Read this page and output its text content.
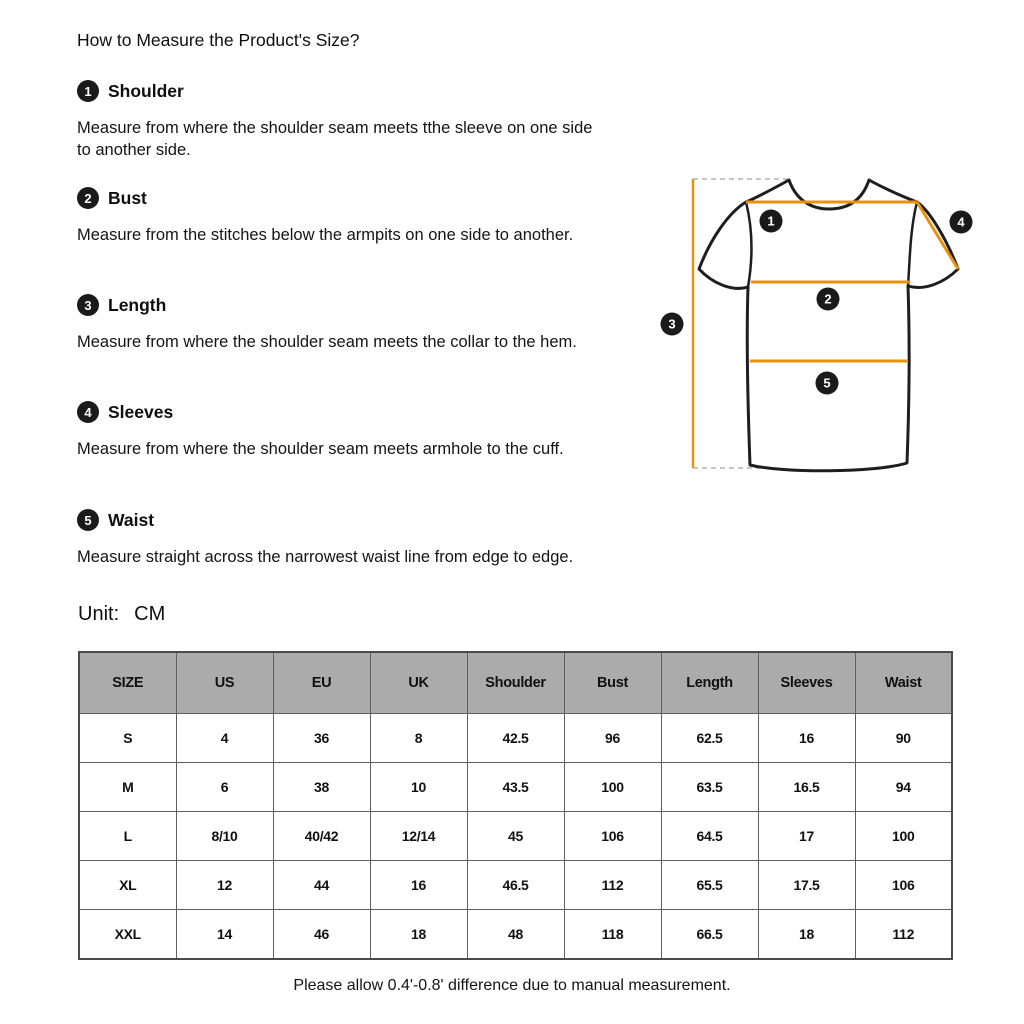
How to Measure the Product's Size?
1 Shoulder
Measure from where the shoulder seam meets tthe sleeve on one side to another side.
2 Bust
Measure from the stitches below the armpits on one side to another.
3 Length
Measure from where the shoulder seam meets the collar to the hem.
4 Sleeves
Measure from where the shoulder seam meets armhole to the cuff.
5 Waist
Measure straight across the narrowest waist line from edge to edge.
Unit: CM
1
2
3
4
5
SIZE	US	EU	UK	Shoulder	Bust	Length	Sleeves	Waist
S	4	36	8	42.5	96	62.5	16	90
M	6	38	10	43.5	100	63.5	16.5	94
L	8/10	40/42	12/14	45	106	64.5	17	100
XL	12	44	16	46.5	112	65.5	17.5	106
XXL	14	46	18	48	118	66.5	18	112
Please allow 0.4'-0.8' difference due to manual measurement.
